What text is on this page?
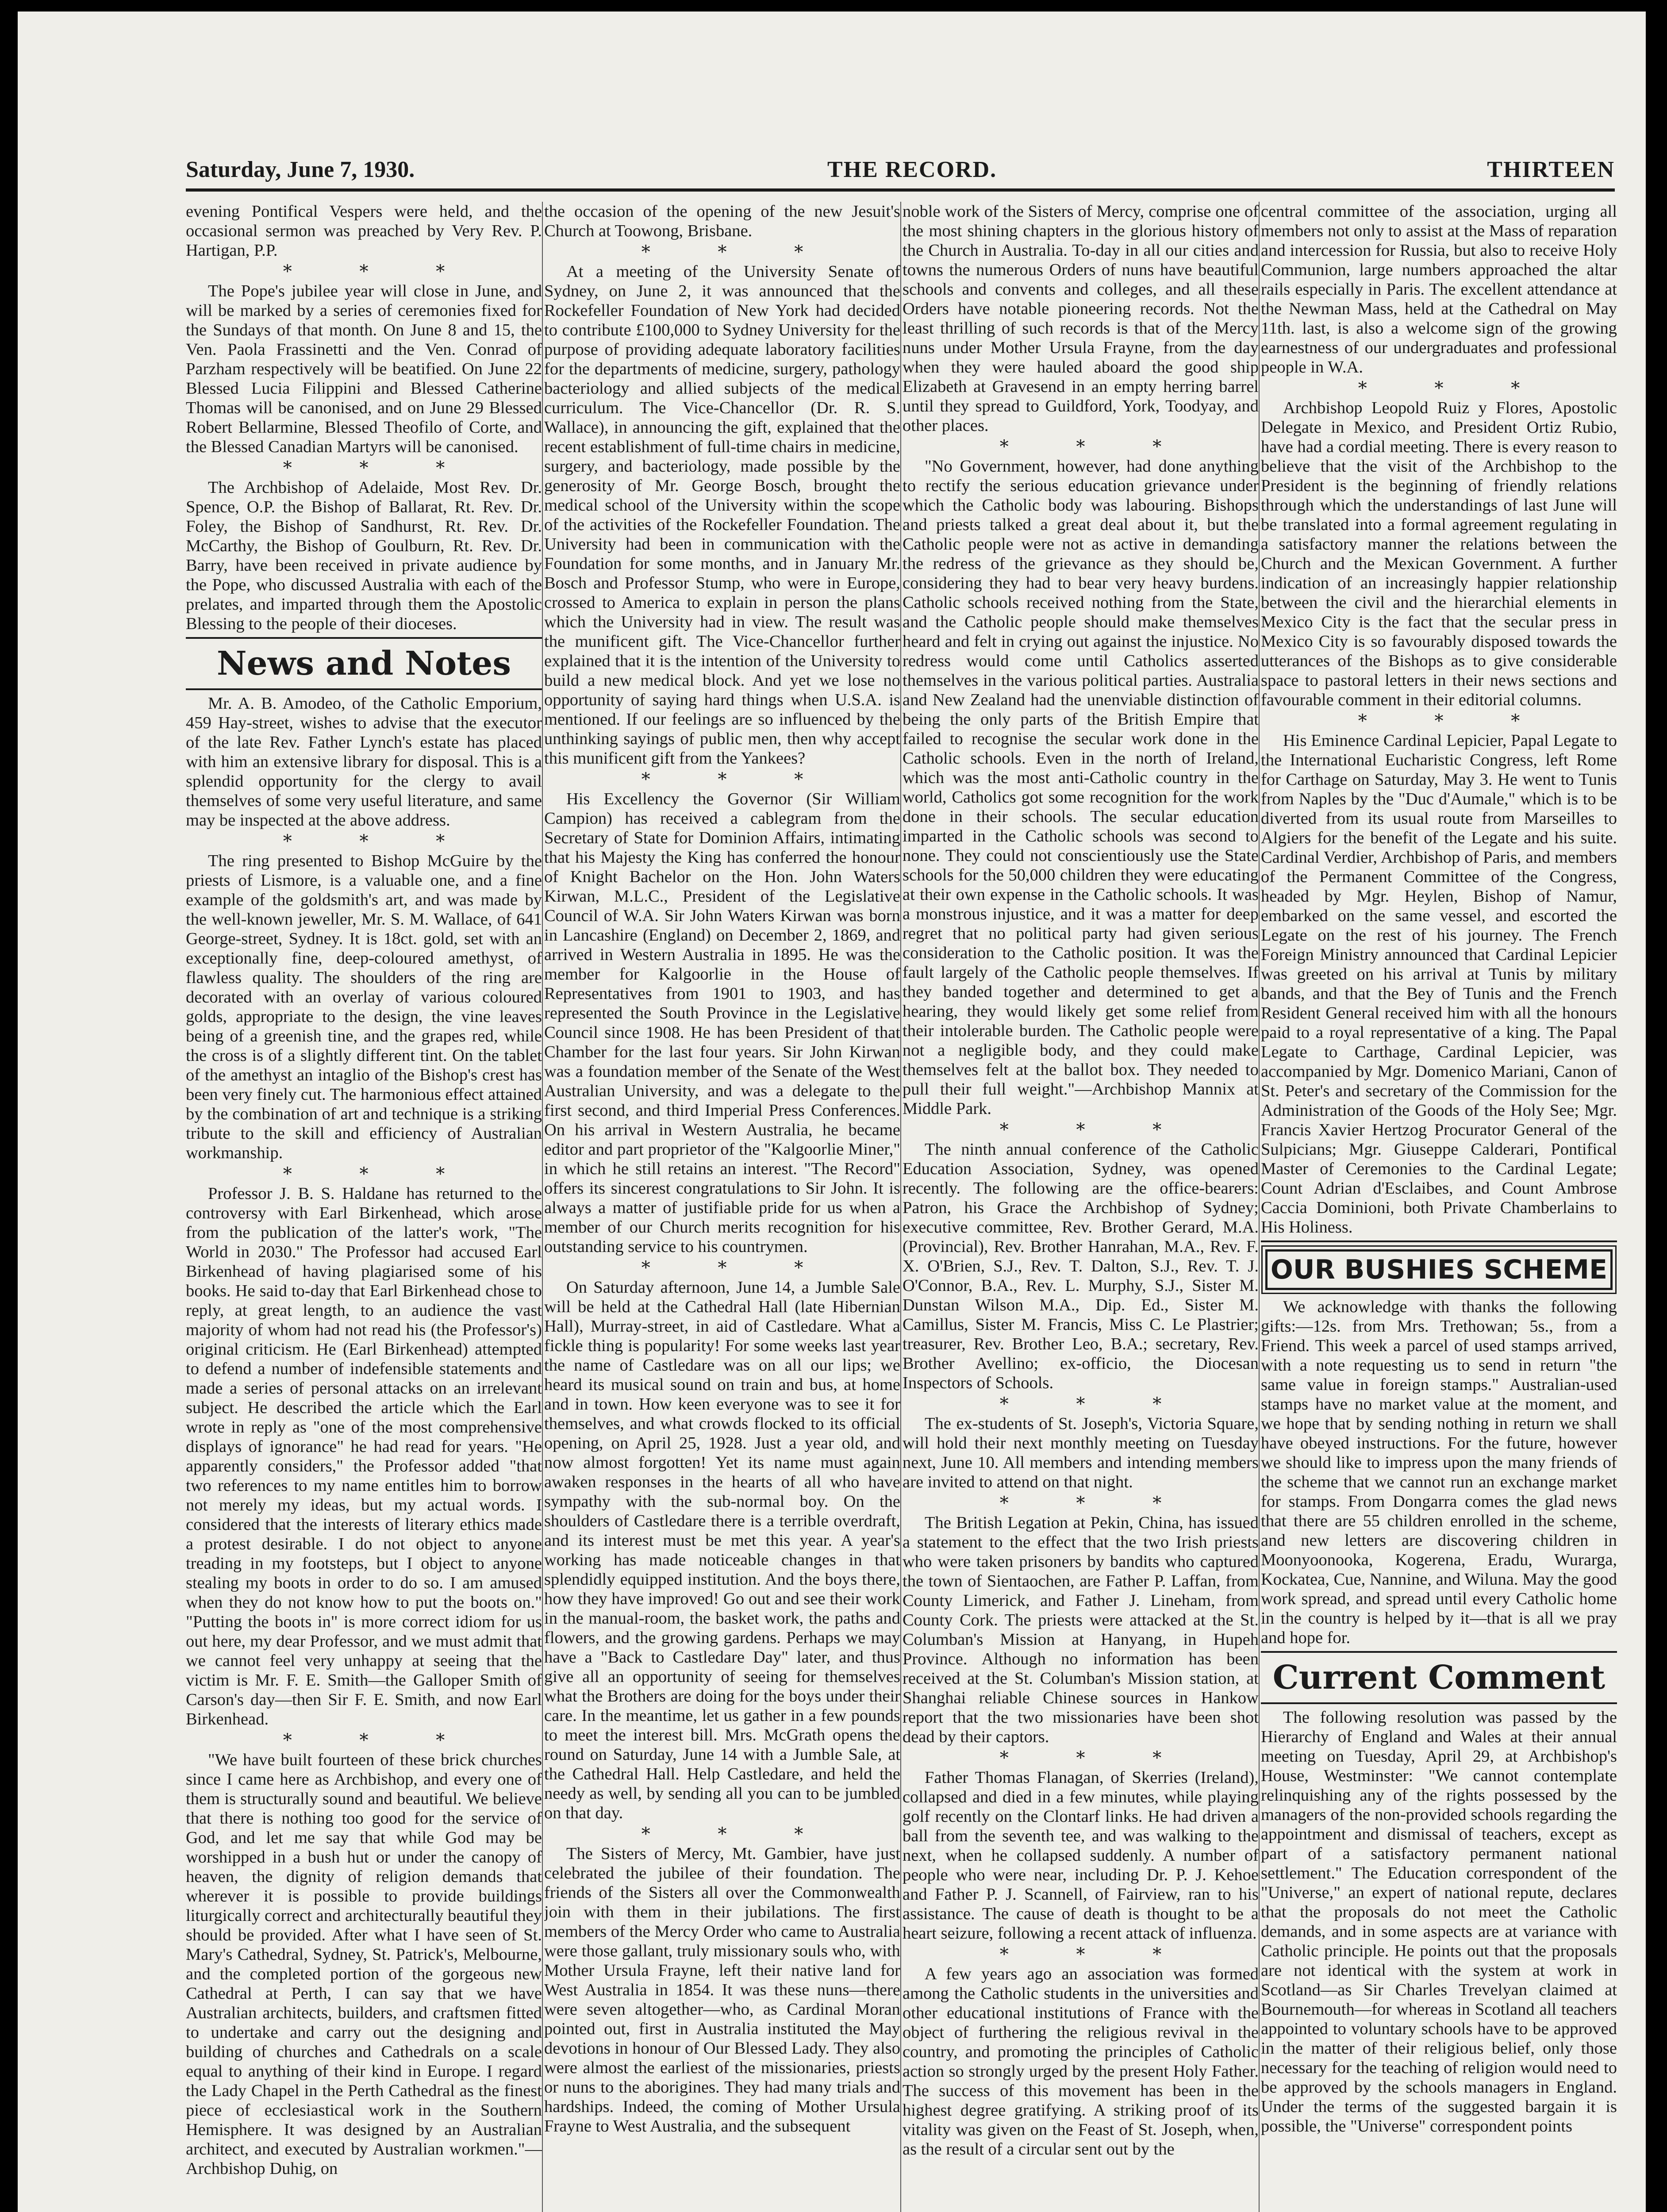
Saturday, June 7, 1930.	THE RECORD.	THIRTEEN

evening Pontifical Vespers were held, and the occasional sermon was preached by Very Rev. P. Hartigan, P.P.

* * *

The Pope's jubilee year will close in June, and will be marked by a series of ceremonies fixed for the Sundays of that month. On June 8 and 15, the Ven. Paola Frassinetti and the Ven. Conrad of Parzham respectively will be beatified. On June 22 Blessed Lucia Filippini and Blessed Catherine Thomas will be canonised, and on June 29 Blessed Robert Bellarmine, Blessed Theofilo of Corte, and the Blessed Canadian Martyrs will be canonised.

* * *

The Archbishop of Adelaide, Most Rev. Dr. Spence, O.P. the Bishop of Ballarat, Rt. Rev. Dr. Foley, the Bishop of Sandhurst, Rt. Rev. Dr. McCarthy, the Bishop of Goulburn, Rt. Rev. Dr. Barry, have been received in private audience by the Pope, who discussed Australia with each of the prelates, and imparted through them the Apostolic Blessing to the people of their dioceses.

News and Notes

Mr. A. B. Amodeo, of the Catholic Emporium, 459 Hay-street, wishes to advise that the executor of the late Rev. Father Lynch's estate has placed with him an extensive library for disposal. This is a splendid opportunity for the clergy to avail themselves of some very useful literature, and same may be inspected at the above address.

* * *

The ring presented to Bishop McGuire by the priests of Lismore, is a valuable one, and a fine example of the goldsmith's art, and was made by the well-known jeweller, Mr. S. M. Wallace, of 641 George-street, Sydney. It is 18ct. gold, set with an exceptionally fine, deep-coloured amethyst, of flawless quality. The shoulders of the ring are decorated with an overlay of various coloured golds, appropriate to the design, the vine leaves being of a greenish tine, and the grapes red, while the cross is of a slightly different tint. On the tablet of the amethyst an intaglio of the Bishop's crest has been very finely cut. The harmonious effect attained by the combination of art and technique is a striking tribute to the skill and efficiency of Australian workmanship.

* * *

Professor J. B. S. Haldane has returned to the controversy with Earl Birkenhead, which arose from the publication of the latter's work, "The World in 2030." The Professor had accused Earl Birkenhead of having plagiarised some of his books. He said to-day that Earl Birkenhead chose to reply, at great length, to an audience the vast majority of whom had not read his (the Professor's) original criticism. He (Earl Birkenhead) attempted to defend a number of indefensible statements and made a series of personal attacks on an irrelevant subject. He described the article which the Earl wrote in reply as "one of the most comprehensive displays of ignorance" he had read for years. "He apparently considers," the Professor added "that two references to my name entitles him to borrow not merely my ideas, but my actual words. I considered that the interests of literary ethics made a protest desirable. I do not object to anyone treading in my footsteps, but I object to anyone stealing my boots in order to do so. I am amused when they do not know how to put the boots on." "Putting the boots in" is more correct idiom for us out here, my dear Professor, and we must admit that we cannot feel very unhappy at seeing that the victim is Mr. F. E. Smith—the Galloper Smith of Carson's day—then Sir F. E. Smith, and now Earl Birkenhead.

* * *

"We have built fourteen of these brick churches since I came here as Archbishop, and every one of them is structurally sound and beautiful. We believe that there is nothing too good for the service of God, and let me say that while God may be worshipped in a bush hut or under the canopy of heaven, the dignity of religion demands that wherever it is possible to provide buildings liturgically correct and architecturally beautiful they should be provided. After what I have seen of St. Mary's Cathedral, Sydney, St. Patrick's, Melbourne, and the completed portion of the gorgeous new Cathedral at Perth, I can say that we have Australian architects, builders, and craftsmen fitted to undertake and carry out the designing and building of churches and Cathedrals on a scale equal to anything of their kind in Europe. I regard the Lady Chapel in the Perth Cathedral as the finest piece of ecclesiastical work in the Southern Hemisphere. It was designed by an Australian architect, and executed by Australian workmen."—Archbishop Duhig, on

the occasion of the opening of the new Jesuit's Church at Toowong, Brisbane.

* * *

At a meeting of the University Senate of Sydney, on June 2, it was announced that the Rockefeller Foundation of New York had decided to contribute £100,000 to Sydney University for the purpose of providing adequate laboratory facilities for the departments of medicine, surgery, pathology bacteriology and allied subjects of the medical curriculum. The Vice-Chancellor (Dr. R. S. Wallace), in announcing the gift, explained that the recent establishment of full-time chairs in medicine, surgery, and bacteriology, made possible by the generosity of Mr. George Bosch, brought the medical school of the University within the scope of the activities of the Rockefeller Foundation. The University had been in communication with the Foundation for some months, and in January Mr. Bosch and Professor Stump, who were in Europe, crossed to America to explain in person the plans which the University had in view. The result was the munificent gift. The Vice-Chancellor further explained that it is the intention of the University to build a new medical block. And yet we lose no opportunity of saying hard things when U.S.A. is mentioned. If our feelings are so influenced by the unthinking sayings of public men, then why accept this munificent gift from the Yankees?

* * *

His Excellency the Governor (Sir William Campion) has received a cablegram from the Secretary of State for Dominion Affairs, intimating that his Majesty the King has conferred the honour of Knight Bachelor on the Hon. John Waters Kirwan, M.L.C., President of the Legislative Council of W.A. Sir John Waters Kirwan was born in Lancashire (England) on December 2, 1869, and arrived in Western Australia in 1895. He was the member for Kalgoorlie in the House of Representatives from 1901 to 1903, and has represented the South Province in the Legislative Council since 1908. He has been President of that Chamber for the last four years. Sir John Kirwan was a foundation member of the Senate of the West Australian University, and was a delegate to the first second, and third Imperial Press Conferences. On his arrival in Western Australia, he became editor and part proprietor of the "Kalgoorlie Miner," in which he still retains an interest. "The Record" offers its sincerest congratulations to Sir John. It is always a matter of justifiable pride for us when a member of our Church merits recognition for his outstanding service to his countrymen.

* * *

On Saturday afternoon, June 14, a Jumble Sale will be held at the Cathedral Hall (late Hibernian Hall), Murray-street, in aid of Castledare. What a fickle thing is popularity! For some weeks last year the name of Castledare was on all our lips; we heard its musical sound on train and bus, at home and in town. How keen everyone was to see it for themselves, and what crowds flocked to its official opening, on April 25, 1928. Just a year old, and now almost forgotten! Yet its name must again awaken responses in the hearts of all who have sympathy with the sub-normal boy. On the shoulders of Castledare there is a terrible overdraft, and its interest must be met this year. A year's working has made noticeable changes in that splendidly equipped institution. And the boys there, how they have improved! Go out and see their work in the manual-room, the basket work, the paths and flowers, and the growing gardens. Perhaps we may have a "Back to Castledare Day" later, and thus give all an opportunity of seeing for themselves what the Brothers are doing for the boys under their care. In the meantime, let us gather in a few pounds to meet the interest bill. Mrs. McGrath opens the round on Saturday, June 14 with a Jumble Sale, at the Cathedral Hall. Help Castledare, and held the needy as well, by sending all you can to be jumbled on that day.

* * *

The Sisters of Mercy, Mt. Gambier, have just celebrated the jubilee of their foundation. The friends of the Sisters all over the Commonwealth join with them in their jubilations. The first members of the Mercy Order who came to Australia were those gallant, truly missionary souls who, with Mother Ursula Frayne, left their native land for West Australia in 1854. It was these nuns—there were seven altogether—who, as Cardinal Moran pointed out, first in Australia instituted the May devotions in honour of Our Blessed Lady. They also were almost the earliest of the missionaries, priests or nuns to the aborigines. They had many trials and hardships. Indeed, the coming of Mother Ursula Frayne to West Australia, and the subsequent

noble work of the Sisters of Mercy, comprise one of the most shining chapters in the glorious history of the Church in Australia. To-day in all our cities and towns the numerous Orders of nuns have beautiful schools and convents and colleges, and all these Orders have notable pioneering records. Not the least thrilling of such records is that of the Mercy nuns under Mother Ursula Frayne, from the day when they were hauled aboard the good ship Elizabeth at Gravesend in an empty herring barrel until they spread to Guildford, York, Toodyay, and other places.

* * *

"No Government, however, had done anything to rectify the serious education grievance under which the Catholic body was labouring. Bishops and priests talked a great deal about it, but the Catholic people were not as active in demanding the redress of the grievance as they should be, considering they had to bear very heavy burdens. Catholic schools received nothing from the State, and the Catholic people should make themselves heard and felt in crying out against the injustice. No redress would come until Catholics asserted themselves in the various political parties. Australia and New Zealand had the unenviable distinction of being the only parts of the British Empire that failed to recognise the secular work done in the Catholic schools. Even in the north of Ireland, which was the most anti-Catholic country in the world, Catholics got some recognition for the work done in their schools. The secular education imparted in the Catholic schools was second to none. They could not conscientiously use the State schools for the 50,000 children they were educating at their own expense in the Catholic schools. It was a monstrous injustice, and it was a matter for deep regret that no political party had given serious consideration to the Catholic position. It was the fault largely of the Catholic people themselves. If they banded together and determined to get a hearing, they would likely get some relief from their intolerable burden. The Catholic people were not a negligible body, and they could make themselves felt at the ballot box. They needed to pull their full weight."—Archbishop Mannix at Middle Park.

* * *

The ninth annual conference of the Catholic Education Association, Sydney, was opened recently. The following are the office-bearers: Patron, his Grace the Archbishop of Sydney; executive committee, Rev. Brother Gerard, M.A. (Provincial), Rev. Brother Hanrahan, M.A., Rev. F. X. O'Brien, S.J., Rev. T. Dalton, S.J., Rev. T. J. O'Connor, B.A., Rev. L. Murphy, S.J., Sister M. Dunstan Wilson M.A., Dip. Ed., Sister M. Camillus, Sister M. Francis, Miss C. Le Plastrier; treasurer, Rev. Brother Leo, B.A.; secretary, Rev. Brother Avellino; ex-officio, the Diocesan Inspectors of Schools.

* * *

The ex-students of St. Joseph's, Victoria Square, will hold their next monthly meeting on Tuesday next, June 10. All members and intending members are invited to attend on that night.

* * *

The British Legation at Pekin, China, has issued a statement to the effect that the two Irish priests who were taken prisoners by bandits who captured the town of Sientaochen, are Father P. Laffan, from County Limerick, and Father J. Lineham, from County Cork. The priests were attacked at the St. Columban's Mission at Hanyang, in Hupeh Province. Although no information has been received at the St. Columban's Mission station, at Shanghai reliable Chinese sources in Hankow report that the two missionaries have been shot dead by their captors.

* * *

Father Thomas Flanagan, of Skerries (Ireland), collapsed and died in a few minutes, while playing golf recently on the Clontarf links. He had driven a ball from the seventh tee, and was walking to the next, when he collapsed suddenly. A number of people who were near, including Dr. P. J. Kehoe and Father P. J. Scannell, of Fairview, ran to his assistance. The cause of death is thought to be a heart seizure, following a recent attack of influenza.

* * *

A few years ago an association was formed among the Catholic students in the universities and other educational institutions of France with the object of furthering the religious revival in the country, and promoting the principles of Catholic action so strongly urged by the present Holy Father. The success of this movement has been in the highest degree gratifying. A striking proof of its vitality was given on the Feast of St. Joseph, when, as the result of a circular sent out by the

central committee of the association, urging all members not only to assist at the Mass of reparation and intercession for Russia, but also to receive Holy Communion, large numbers approached the altar rails especially in Paris. The excellent attendance at the Newman Mass, held at the Cathedral on May 11th. last, is also a welcome sign of the growing earnestness of our undergraduates and professional people in W.A.

* * *

Archbishop Leopold Ruiz y Flores, Apostolic Delegate in Mexico, and President Ortiz Rubio, have had a cordial meeting. There is every reason to believe that the visit of the Archbishop to the President is the beginning of friendly relations through which the understandings of last June will be translated into a formal agreement regulating in a satisfactory manner the relations between the Church and the Mexican Government. A further indication of an increasingly happier relationship between the civil and the hierarchial elements in Mexico City is the fact that the secular press in Mexico City is so favourably disposed towards the utterances of the Bishops as to give considerable space to pastoral letters in their news sections and favourable comment in their editorial columns.

* * *

His Eminence Cardinal Lepicier, Papal Legate to the International Eucharistic Congress, left Rome for Carthage on Saturday, May 3. He went to Tunis from Naples by the "Duc d'Aumale," which is to be diverted from its usual route from Marseilles to Algiers for the benefit of the Legate and his suite. Cardinal Verdier, Archbishop of Paris, and members of the Permanent Committee of the Congress, headed by Mgr. Heylen, Bishop of Namur, embarked on the same vessel, and escorted the Legate on the rest of his journey. The French Foreign Ministry announced that Cardinal Lepicier was greeted on his arrival at Tunis by military bands, and that the Bey of Tunis and the French Resident General received him with all the honours paid to a royal representative of a king. The Papal Legate to Carthage, Cardinal Lepicier, was accompanied by Mgr. Domenico Mariani, Canon of St. Peter's and secretary of the Commission for the Administration of the Goods of the Holy See; Mgr. Francis Xavier Hertzog Procurator General of the Sulpicians; Mgr. Giuseppe Calderari, Pontifical Master of Ceremonies to the Cardinal Legate; Count Adrian d'Esclaibes, and Count Ambrose Caccia Dominioni, both Private Chamberlains to His Holiness.

OUR BUSHIES SCHEME

We acknowledge with thanks the following gifts:—12s. from Mrs. Trethowan; 5s., from a Friend. This week a parcel of used stamps arrived, with a note requesting us to send in return "the same value in foreign stamps." Australian-used stamps have no market value at the moment, and we hope that by sending nothing in return we shall have obeyed instructions. For the future, however we should like to impress upon the many friends of the scheme that we cannot run an exchange market for stamps. From Dongarra comes the glad news that there are 55 children enrolled in the scheme, and new letters are discovering children in Moonyoonooka, Kogerena, Eradu, Wurarga, Kockatea, Cue, Nannine, and Wiluna. May the good work spread, and spread until every Catholic home in the country is helped by it—that is all we pray and hope for.

Current Comment

The following resolution was passed by the Hierarchy of England and Wales at their annual meeting on Tuesday, April 29, at Archbishop's House, Westminster: "We cannot contemplate relinquishing any of the rights possessed by the managers of the non-provided schools regarding the appointment and dismissal of teachers, except as part of a satisfactory permanent national settlement." The Education correspondent of the "Universe," an expert of national repute, declares that the proposals do not meet the Catholic demands, and in some aspects are at variance with Catholic principle. He points out that the proposals are not identical with the system at work in Scotland—as Sir Charles Trevelyan claimed at Bournemouth—for whereas in Scotland all teachers appointed to voluntary schools have to be approved in the matter of their religious belief, only those necessary for the teaching of religion would need to be approved by the schools managers in England. Under the terms of the suggested bargain it is possible, the "Universe" correspondent points
